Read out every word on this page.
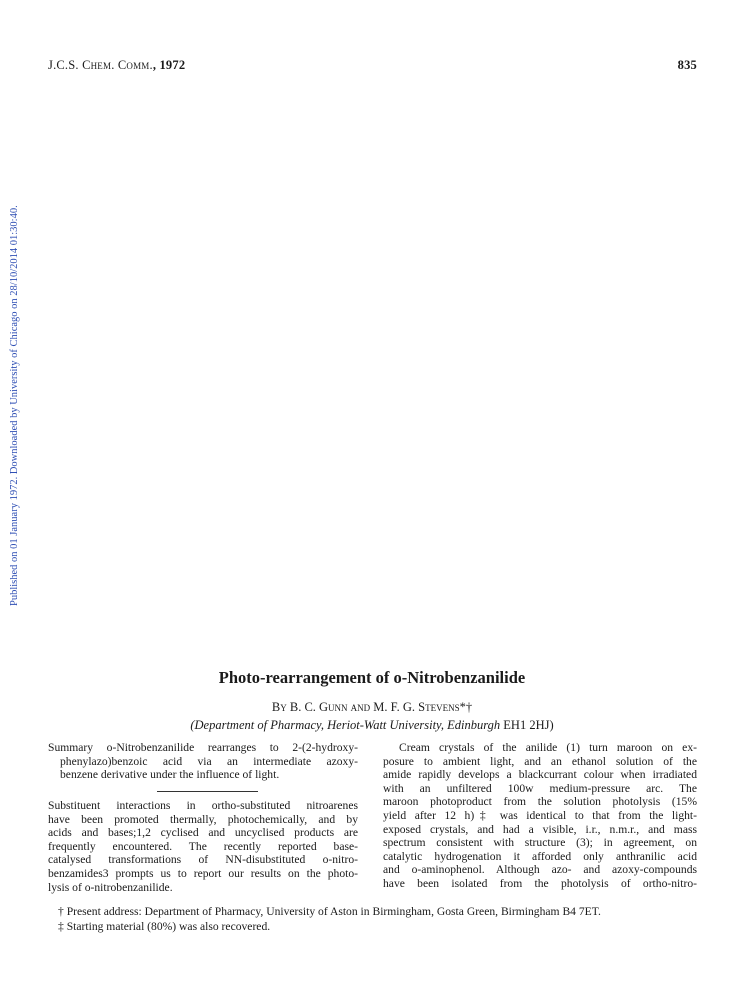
J.C.S. Chem. Comm., 1972	835
Published on 01 January 1972. Downloaded by University of Chicago on 28/10/2014 01:30:40.
Photo-rearrangement of o-Nitrobenzanilide
By B. C. Gunn and M. F. G. Stevens*†
(Department of Pharmacy, Heriot-Watt University, Edinburgh EH1 2HJ)
Summary o-Nitrobenzanilide rearranges to 2-(2-hydroxy-
phenylazo)benzoic acid via an intermediate azoxy-
benzene derivative under the influence of light.
Substituent interactions in ortho-substituted nitroarenes
have been promoted thermally, photochemically, and by
acids and bases;1,2 cyclised and uncyclised products are
frequently encountered. The recently reported base-
catalysed transformations of NN-disubstituted o-nitro-
benzamides3 prompts us to report our results on the photo-
lysis of o-nitrobenzanilide.
Cream crystals of the anilide (1) turn maroon on ex-
posure to ambient light, and an ethanol solution of the
amide rapidly develops a blackcurrant colour when irradiated
with an unfiltered 100w medium-pressure arc. The
maroon photoproduct from the solution photolysis (15%
yield after 12 h)‡ was identical to that from the light-
exposed crystals, and had a visible, i.r., n.m.r., and mass
spectrum consistent with structure (3); in agreement, on
catalytic hydrogenation it afforded only anthranilic acid
and o-aminophenol. Although azo- and azoxy-compounds
have been isolated from the photolysis of ortho-nitro-
† Present address: Department of Pharmacy, University of Aston in Birmingham, Gosta Green, Birmingham B4 7ET.
‡ Starting material (80%) was also recovered.
